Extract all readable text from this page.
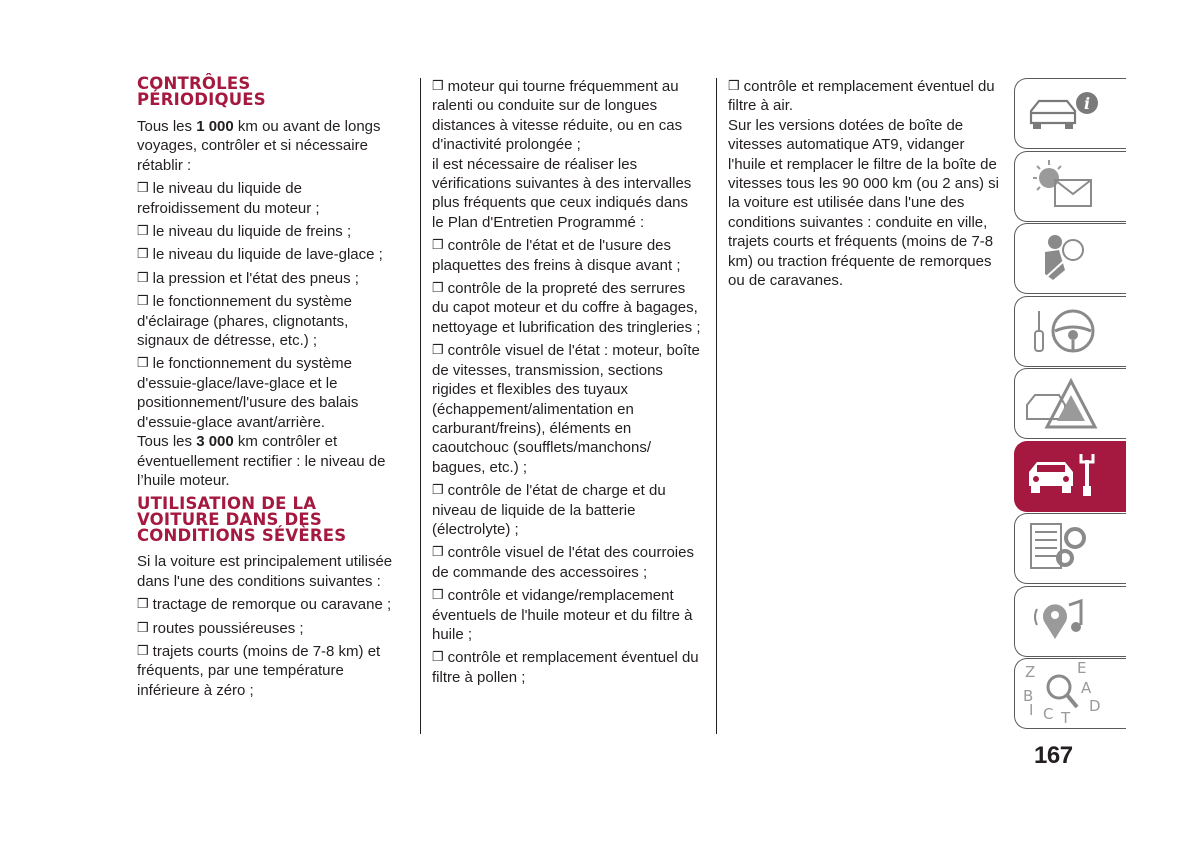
CONTRÔLES
PÉRIODIQUES

Tous les 1 000 km ou avant de longs voyages, contrôler et si nécessaire rétablir :

❒ le niveau du liquide de refroidissement du moteur ;

❒ le niveau du liquide de freins ;

❒ le niveau du liquide de lave-glace ;

❒ la pression et l'état des pneus ;

❒ le fonctionnement du système d'éclairage (phares, clignotants, signaux de détresse, etc.) ;

❒ le fonctionnement du système d'essuie-glace/lave-glace et le positionnement/l'usure des balais d'essuie-glace avant/arrière.

Tous les 3 000 km contrôler et éventuellement rectifier : le niveau de l’huile moteur.

UTILISATION DE LA
VOITURE DANS DES
CONDITIONS SÉVÈRES

Si la voiture est principalement utilisée dans l'une des conditions suivantes :

❒ tractage de remorque ou caravane ;

❒ routes poussiéreuses ;

❒ trajets courts (moins de 7-8 km) et fréquents, par une température inférieure à zéro ;

❒ moteur qui tourne fréquemment au ralenti ou conduite sur de longues distances à vitesse réduite, ou en cas d'inactivité prolongée ;

il est nécessaire de réaliser les vérifications suivantes à des intervalles plus fréquents que ceux indiqués dans le Plan d'Entretien Programmé :

❒ contrôle de l'état et de l'usure des plaquettes des freins à disque avant ;

❒ contrôle de la propreté des serrures du capot moteur et du coffre à bagages, nettoyage et lubrification des tringleries ;

❒ contrôle visuel de l'état : moteur, boîte de vitesses, transmission, sections rigides et flexibles des tuyaux (échappement/alimentation en carburant/freins), éléments en caoutchouc (soufflets/manchons/ bagues, etc.) ;

❒ contrôle de l'état de charge et du niveau de liquide de la batterie (électrolyte) ;

❒ contrôle visuel de l'état des courroies de commande des accessoires ;

❒ contrôle et vidange/remplacement éventuels de l'huile moteur et du filtre à huile ;

❒ contrôle et remplacement éventuel du filtre à pollen ;

❒ contrôle et remplacement éventuel du filtre à air.

Sur les versions dotées de boîte de vitesses automatique AT9, vidanger l'huile et remplacer le filtre de la boîte de vitesses tous les 90 000 km (ou 2 ans) si la voiture est utilisée dans l'une des conditions suivantes : conduite en ville, trajets courts et fréquents (moins de 7-8 km) ou traction fréquente de remorques ou de caravanes.

i
Z	E
B	A
C T
D
I
167
